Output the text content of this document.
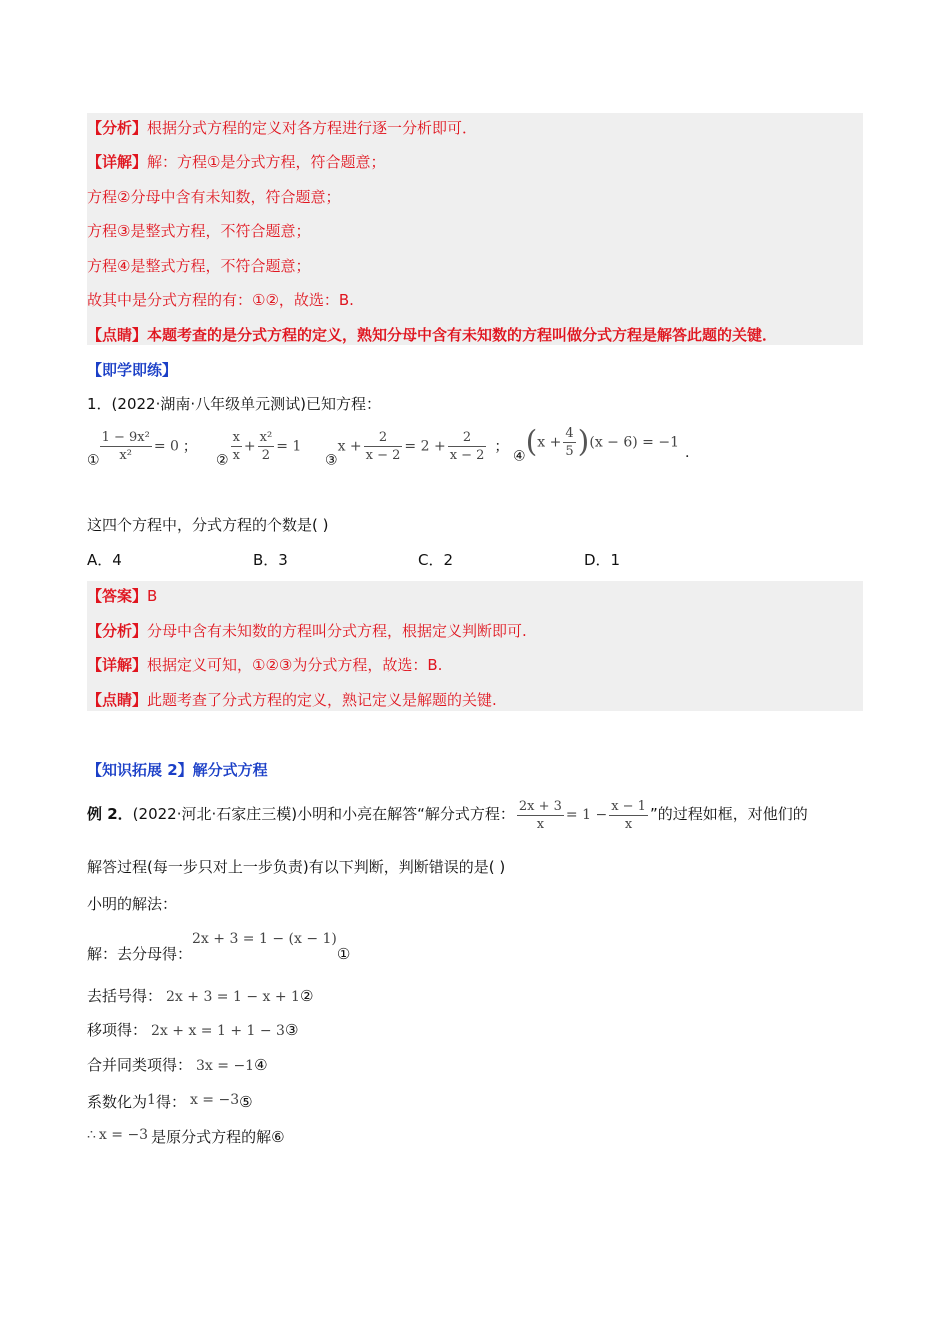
【分析】根据分式方程的定义对各方程进行逐一分析即可．
【详解】解：方程①是分式方程，符合题意；
方程②分母中含有未知数，符合题意；
方程③是整式方程，不符合题意；
方程④是整式方程，不符合题意；
故其中是分式方程的有：①②，故选：B.
【点睛】本题考查的是分式方程的定义，熟知分母中含有未知数的方程叫做分式方程是解答此题的关键．
【即学即练】
1．(2022·湖南·八年级单元测试)已知方程：
① $\frac{\text{1 − 9x²}}{\text{x²}} = 0$ ；
② $\frac{x}{x} + \frac{\text{x²}}{2} = 1$
③x + $\frac{2}{x - 2} = 2 + \frac{2}{x - 2}$ ；
④(x + $\frac{4}{5} )(x - 6) = -1$.
这四个方程中，分式方程的个数是( )
A．4	B．3	C．2	D．1
【答案】B
【分析】分母中含有未知数的方程叫分式方程，根据定义判断即可.
【详解】根据定义可知，①②③为分式方程，故选：B.
【点睛】此题考查了分式方程的定义，熟记定义是解题的关键.
【知识拓展 2】解分式方程
例 2．(2022·河北·石家庄三模)小明和小亮在解答“解分式方程： $\frac{2x + 3}{x} = 1 - \frac{x - 1}{x}$ ”的过程如框，对他们的
解答过程(每一步只对上一步负责)有以下判断，判断错误的是( )
小明的解法：
解：去分母得：2x + 3 = 1 − (x − 1)①
去括号得： 2x + 3 = 1 − x + 1②
移项得： 2x + x = 1 + 1 − 3③
合并同类项得： 3x = −1④
系数化为1得： x = −3⑤
∴ x = −3 是原分式方程的解⑥
